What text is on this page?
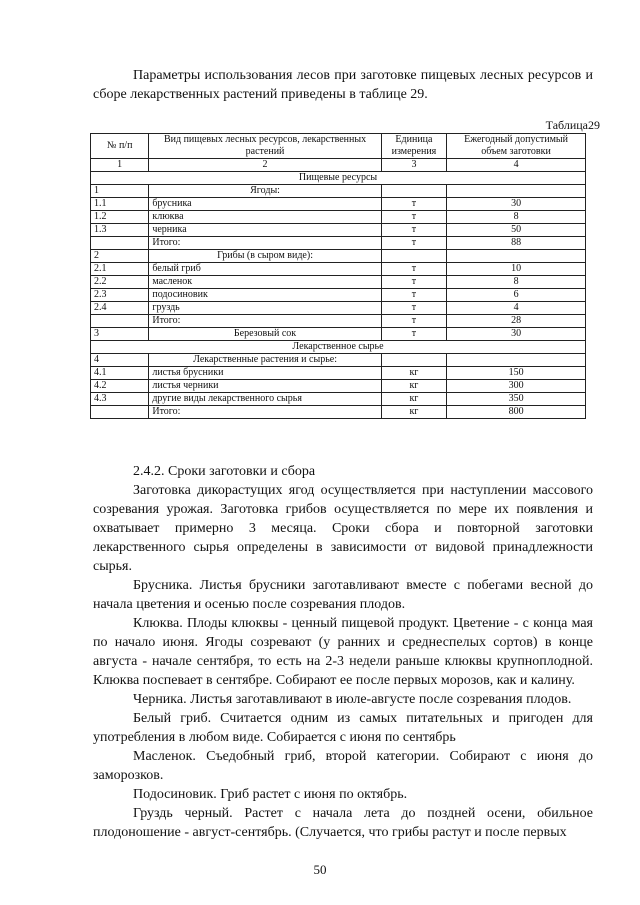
Параметры использования лесов при заготовке пищевых лесных ресурсов и сборе лекарственных растений приведены в таблице 29.

Таблица29

№ п/п	Вид пищевых лесных ресурсов, лекарственных растений	Единица измерения	Ежегодный допустимый объем заготовки
1	2	3	4
Пищевые ресурсы			
1	Ягоды:		
1.1	брусника	т	30
1.2	клюква	т	8
1.3	черника	т	50
	Итого:	т	88
2	Грибы (в сыром виде):		
2.1	белый гриб	т	10
2.2	масленок	т	8
2.3	подосиновик	т	6
2.4	груздь	т	4
	Итого:	т	28
3	Березовый сок	т	30
Лекарственное сырье			
4	Лекарственные растения и сырье:		
4.1	листья брусники	кг	150
4.2	листья черники	кг	300
4.3	другие виды лекарственного сырья	кг	350
	Итого:	кг	800

2.4.2. Сроки заготовки и сбора

Заготовка дикорастущих ягод осуществляется при наступлении массового созревания урожая. Заготовка грибов осуществляется по мере их появления и охватывает примерно 3 месяца. Сроки сбора и повторной заготовки лекарственного сырья определены в зависимости от видовой принадлежности сырья.

Брусника. Листья брусники заготавливают вместе с побегами весной до начала цветения и осенью после созревания плодов.

Клюква. Плоды клюквы - ценный пищевой продукт. Цветение - с конца мая по начало июня. Ягоды созревают (у ранних и среднеспелых сортов) в конце августа - начале сентября, то есть на 2-3 недели раньше клюквы крупноплодной. Клюква поспевает в сентябре. Собирают ее после первых морозов, как и калину.

Черника. Листья заготавливают в июле-августе после созревания плодов.

Белый гриб. Считается одним из самых питательных и пригоден для употребления в любом виде. Собирается с июня по сентябрь

Масленок. Съедобный гриб, второй категории. Собирают с июня до заморозков.

Подосиновик. Гриб растет с июня по октябрь.

Груздь черный. Растет с начала лета до поздней осени, обильное плодоношение - август-сентябрь. (Случается, что грибы растут и после первых

50
